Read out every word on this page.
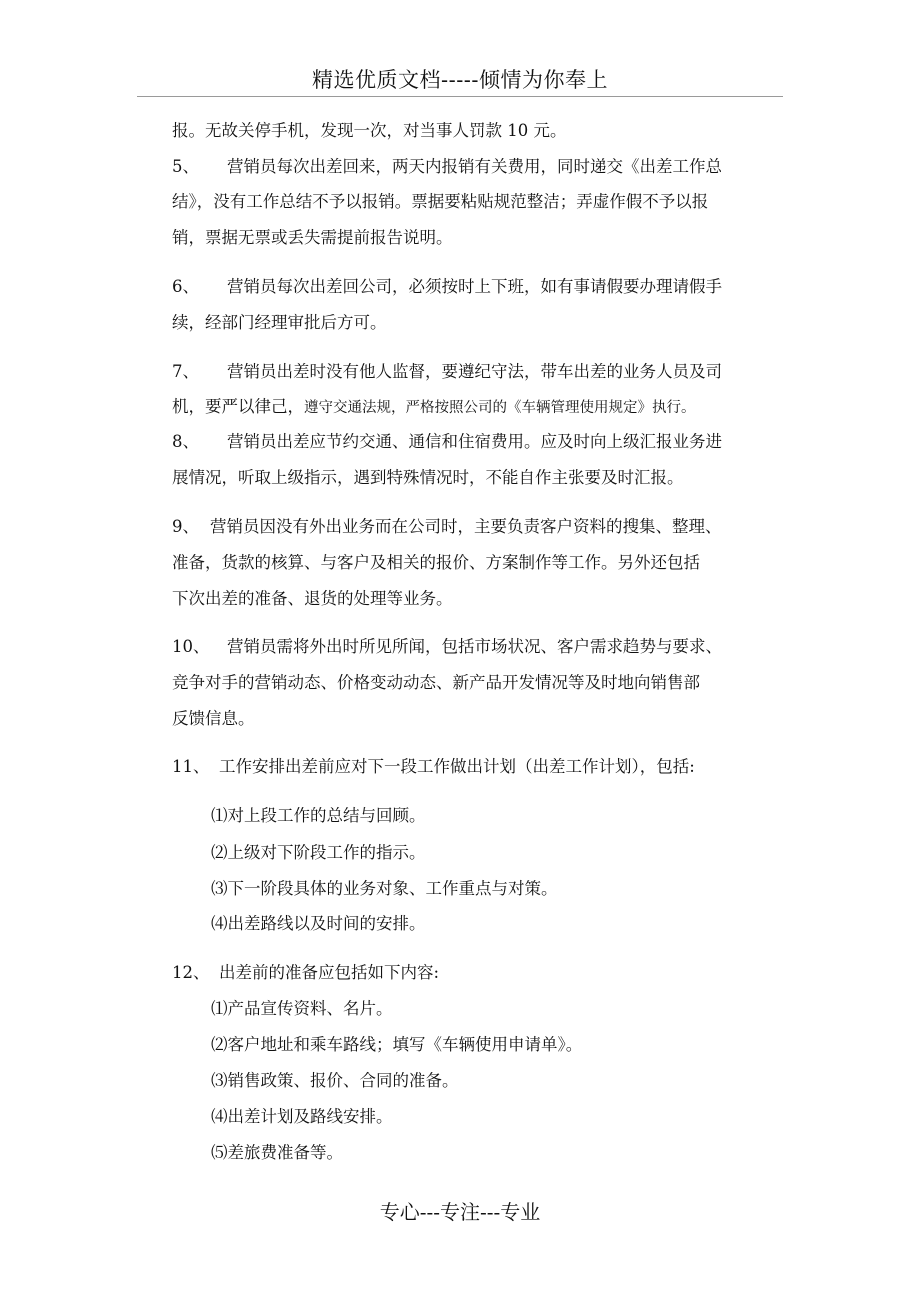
精选优质文档-----倾情为你奉上
报。无故关停手机，发现一次，对当事人罚款 10 元。
5、 营销员每次出差回来，两天内报销有关费用，同时递交《出差工作总
结》，没有工作总结不予以报销。票据要粘贴规范整洁；弄虚作假不予以报
销，票据无票或丢失需提前报告说明。
6、 营销员每次出差回公司，必须按时上下班，如有事请假要办理请假手
续，经部门经理审批后方可。
7、 营销员出差时没有他人监督，要遵纪守法，带车出差的业务人员及司
机，要严以律己，遵守交通法规，严格按照公司的《车辆管理使用规定》执行。
8、 营销员出差应节约交通、通信和住宿费用。应及时向上级汇报业务进
展情况，听取上级指示，遇到特殊情况时，不能自作主张要及时汇报。
9、 营销员因没有外出业务而在公司时，主要负责客户资料的搜集、整理、
准备，货款的核算、与客户及相关的报价、方案制作等工作。另外还包括
下次出差的准备、退货的处理等业务。
10、 营销员需将外出时所见所闻，包括市场状况、客户需求趋势与要求、
竞争对手的营销动态、价格变动动态、新产品开发情况等及时地向销售部
反馈信息。
11、 工作安排出差前应对下一段工作做出计划（出差工作计划），包括:
⑴对上段工作的总结与回顾。
⑵上级对下阶段工作的指示。
⑶下一阶段具体的业务对象、工作重点与对策。
⑷出差路线以及时间的安排。
12、 出差前的准备应包括如下内容:
⑴产品宣传资料、名片。
⑵客户地址和乘车路线；填写《车辆使用申请单》。
⑶销售政策、报价、合同的准备。
⑷出差计划及路线安排。
⑸差旅费准备等。
专心---专注---专业
